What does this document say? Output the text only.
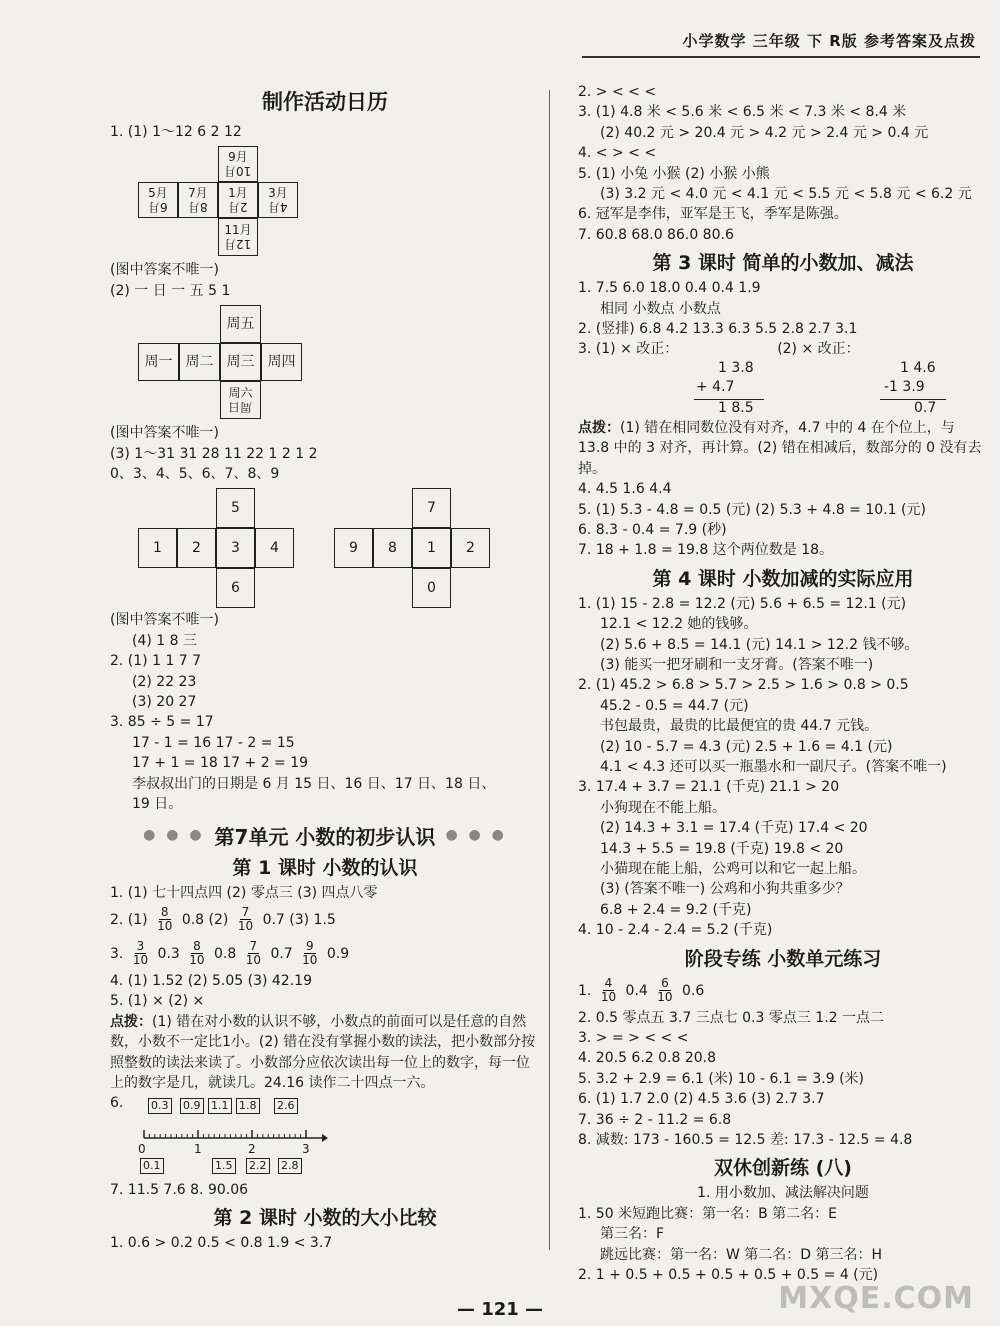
小学数学 三年级 下 R版 参考答案及点拨
制作活动日历
1. (1) 1～12 6 2 12
9月
10月
5月
6月
7月
8月
1月
2月
3月
4月
11月
12月
(图中答案不唯一)
(2) 一 日 一 五 5 1
周五
周一 周二 周三 周四
周六
周日
(图中答案不唯一)
(3) 1～31 31 28 11 22 1 2 1 2
0、3、4、5、6、7、8、9
5
1 2 3 4
6
7
9 8 1 2
0
(图中答案不唯一)
(4) 1 8 三
2. (1) 1 1 7 7
(2) 22 23
(3) 20 27
3. 85 ÷ 5 = 17
17 - 1 = 16 17 - 2 = 15
17 + 1 = 18 17 + 2 = 19
李叔叔出门的日期是 6 月 15 日、16 日、17 日、18 日、
19 日。
● ● ● 第7单元 小数的初步认识 ● ● ●
第 1 课时 小数的认识
1. (1) 七十四点四 (2) 零点三 (3) 四点八零
2. $(1) \frac{8}{10} 0.8$ $(2) \frac{7}{10} 0.7$ (3) 1.5
3. $\frac{3}{10} 0.3 \frac{8}{10} 0.8 \frac{7}{10} 0.7 \frac{9}{10} 0.9$
4. (1) 1.52 (2) 5.05 (3) 42.19
5. (1) × (2) ×
点拨：(1) 错在对小数的认识不够，小数点的前面可以是任意的自然数，小数不一定比1小。(2) 错在没有掌握小数的读法，把小数部分按照整数的读法来读了。小数部分应依次读出每一位上的数字，每一位上的数字是几，就读几。24.16 读作二十四点一六。
6.	0.3 0.9 1.1 1.8 2.6
0	1	2	3
0.1	1.5 2.2 2.8
7. 11.5 7.6 8. 90.06
第 2 课时 小数的大小比较
1. 0.6 > 0.2 0.5 < 0.8 1.9 < 3.7
2. > < < <
3. (1) 4.8 米 < 5.6 米 < 6.5 米 < 7.3 米 < 8.4 米
(2) 40.2 元 > 20.4 元 > 4.2 元 > 2.4 元 > 0.4 元
4. < > < <
5. (1) 小兔 小猴 (2) 小猴 小熊
(3) 3.2 元 < 4.0 元 < 4.1 元 < 5.5 元 < 5.8 元 < 6.2 元
6. 冠军是李伟，亚军是王飞，季军是陈强。
7. 60.8 68.0 86.0 80.6
第 3 课时 简单的小数加、减法
1. 7.5 6.0 18.0 0.4 0.4 1.9
相同 小数点 小数点
2. (竖排) 6.8 4.2 13.3 6.3 5.5 2.8 2.7 3.1
3. (1) × 改正：	(2) × 改正：
1 3.8
+ 4.7
1 8.5
1 4.6
-1 3.9
0.7
点拨：(1) 错在相同数位没有对齐，4.7 中的 4 在个位上，与 13.8 中的 3 对齐，再计算。(2) 错在相减后，数部分的 0 没有去掉。
4. 4.5 1.6 4.4
5. (1) 5.3 - 4.8 = 0.5 (元) (2) 5.3 + 4.8 = 10.1 (元)
6. 8.3 - 0.4 = 7.9 (秒)
7. 18 + 1.8 = 19.8 这个两位数是 18。
第 4 课时 小数加减的实际应用
1. (1) 15 - 2.8 = 12.2 (元) 5.6 + 6.5 = 12.1 (元)
12.1 < 12.2 她的钱够。
(2) 5.6 + 8.5 = 14.1 (元) 14.1 > 12.2 钱不够。
(3) 能买一把牙刷和一支牙膏。(答案不唯一)
2. (1) 45.2 > 6.8 > 5.7 > 2.5 > 1.6 > 0.8 > 0.5
45.2 - 0.5 = 44.7 (元)
书包最贵，最贵的比最便宜的贵 44.7 元钱。
(2) 10 - 5.7 = 4.3 (元) 2.5 + 1.6 = 4.1 (元)
4.1 < 4.3 还可以买一瓶墨水和一副尺子。(答案不唯一)
3. 17.4 + 3.7 = 21.1 (千克) 21.1 > 20
小狗现在不能上船。
(2) 14.3 + 3.1 = 17.4 (千克) 17.4 < 20
14.3 + 5.5 = 19.8 (千克) 19.8 < 20
小猫现在能上船，公鸡可以和它一起上船。
(3) (答案不唯一) 公鸡和小狗共重多少？
6.8 + 2.4 = 9.2 (千克)
4. 10 - 2.4 - 2.4 = 5.2 (千克)
阶段专练 小数单元练习
1. $\frac{4}{10} 0.4 \frac{6}{10} 0.6$
2. 0.5 零点五 3.7 三点七 0.3 零点三 1.2 一点二
3. > = > < < <
4. 20.5 6.2 0.8 20.8
5. 3.2 + 2.9 = 6.1 (米) 10 - 6.1 = 3.9 (米)
6. (1) 1.7 2.0 (2) 4.5 3.6 (3) 2.7 3.7
7. 36 ÷ 2 - 11.2 = 6.8
8. 减数: 173 - 160.5 = 12.5 差: 17.3 - 12.5 = 4.8
双休创新练 (八)
1. 用小数加、减法解决问题
1. 50 米短跑比赛：第一名：B 第二名：E
第三名：F
跳远比赛：第一名：W 第二名：D 第三名：H
2. 1 + 0.5 + 0.5 + 0.5 + 0.5 + 0.5 = 4 (元)
— 121 —	MXQE.COM
